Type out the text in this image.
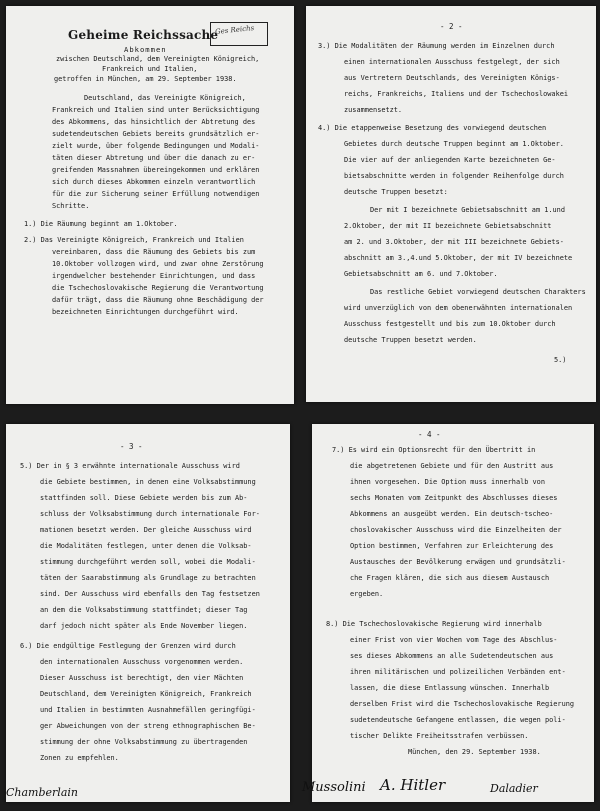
Geheime Reichssache
Ges Reichs
Abkommen
zwischen Deutschland, dem Vereinigten Königreich,
Frankreich und Italien,
getroffen in München, am 29. September 1938.
Deutschland, das Vereinigte Königreich,
Frankreich und Italien sind unter Berücksichtigung
des Abkommens, das hinsichtlich der Abtretung des
sudetendeutschen Gebiets bereits grundsätzlich er-
zielt wurde, über folgende Bedingungen und Modali-
täten dieser Abtretung und über die danach zu er-
greifenden Massnahmen übereingekommen und erklären
sich durch dieses Abkommen einzeln verantwortlich
für die zur Sicherung seiner Erfüllung notwendigen
Schritte.
1.) Die Räumung beginnt am 1.Oktober.
2.) Das Vereinigte Königreich, Frankreich und Italien
vereinbaren, dass die Räumung des Gebiets bis zum
10.Oktober vollzogen wird, und zwar ohne Zerstörung
irgendwelcher bestehender Einrichtungen, und dass
die Tschechoslovakische Regierung die Verantwortung
dafür trägt, dass die Räumung ohne Beschädigung der
bezeichneten Einrichtungen durchgeführt wird.
- 2 -
3.) Die Modalitäten der Räumung werden im Einzelnen durch
einen internationalen Ausschuss festgelegt, der sich
aus Vertretern Deutschlands, des Vereinigten Königs-
reichs, Frankreichs, Italiens und der Tschechoslowakei
zusammensetzt.
4.) Die etappenweise Besetzung des vorwiegend deutschen
Gebietes durch deutsche Truppen beginnt am 1.Oktober.
Die vier auf der anliegenden Karte bezeichneten Ge-
bietsabschnitte werden in folgender Reihenfolge durch
deutsche Truppen besetzt:
Der mit I bezeichnete Gebietsabschnitt am 1.und
2.Oktober, der mit II bezeichnete Gebietsabschnitt
am 2. und 3.Oktober, der mit III bezeichnete Gebiets-
abschnitt am 3.,4.und 5.Oktober, der mit IV bezeichnete
Gebietsabschnitt am 6. und 7.Oktober.
Das restliche Gebiet vorwiegend deutschen Charakters
wird unverzüglich von dem obenerwähnten internationalen
Ausschuss festgestellt und bis zum 10.Oktober durch
deutsche Truppen besetzt werden.
5.)
- 3 -
5.) Der in § 3 erwähnte internationale Ausschuss wird
die Gebiete bestimmen, in denen eine Volksabstimmung
stattfinden soll. Diese Gebiete werden bis zum Ab-
schluss der Volksabstimmung durch internationale For-
mationen besetzt werden. Der gleiche Ausschuss wird
die Modalitäten festlegen, unter denen die Volksab-
stimmung durchgeführt werden soll, wobei die Modali-
täten der Saarabstimmung als Grundlage zu betrachten
sind. Der Ausschuss wird ebenfalls den Tag festsetzen
an dem die Volksabstimmung stattfindet; dieser Tag
darf jedoch nicht später als Ende November liegen.
6.) Die endgültige Festlegung der Grenzen wird durch
den internationalen Ausschuss vorgenommen werden.
Dieser Ausschuss ist berechtigt, den vier Mächten
Deutschland, dem Vereinigten Königreich, Frankreich
und Italien in bestimmten Ausnahmefällen geringfügi-
ger Abweichungen von der streng ethnographischen Be-
stimmung der ohne Volksabstimmung zu übertragenden
Zonen zu empfehlen.
- 4 -
7.) Es wird ein Optionsrecht für den Übertritt in
die abgetretenen Gebiete und für den Austritt aus
ihnen vorgesehen. Die Option muss innerhalb von
sechs Monaten vom Zeitpunkt des Abschlusses dieses
Abkommens an ausgeübt werden. Ein deutsch-tscheo-
choslovakischer Ausschuss wird die Einzelheiten der
Option bestimmen, Verfahren zur Erleichterung des
Austausches der Bevölkerung erwägen und grundsätzli-
che Fragen klären, die sich aus diesem Austausch
ergeben.
8.) Die Tschechoslovakische Regierung wird innerhalb
einer Frist von vier Wochen vom Tage des Abschlus-
ses dieses Abkommens an alle Sudetendeutschen aus
ihren militärischen und polizeilichen Verbänden ent-
lassen, die diese Entlassung wünschen. Innerhalb
derselben Frist wird die Tschechoslovakische Regierung
sudetendeutsche Gefangene entlassen, die wegen poli-
tischer Delikte Freiheitsstrafen verbüssen.
München, den 29. September 1938.
Chamberlain	Mussolini A. Hitler	Daladier
